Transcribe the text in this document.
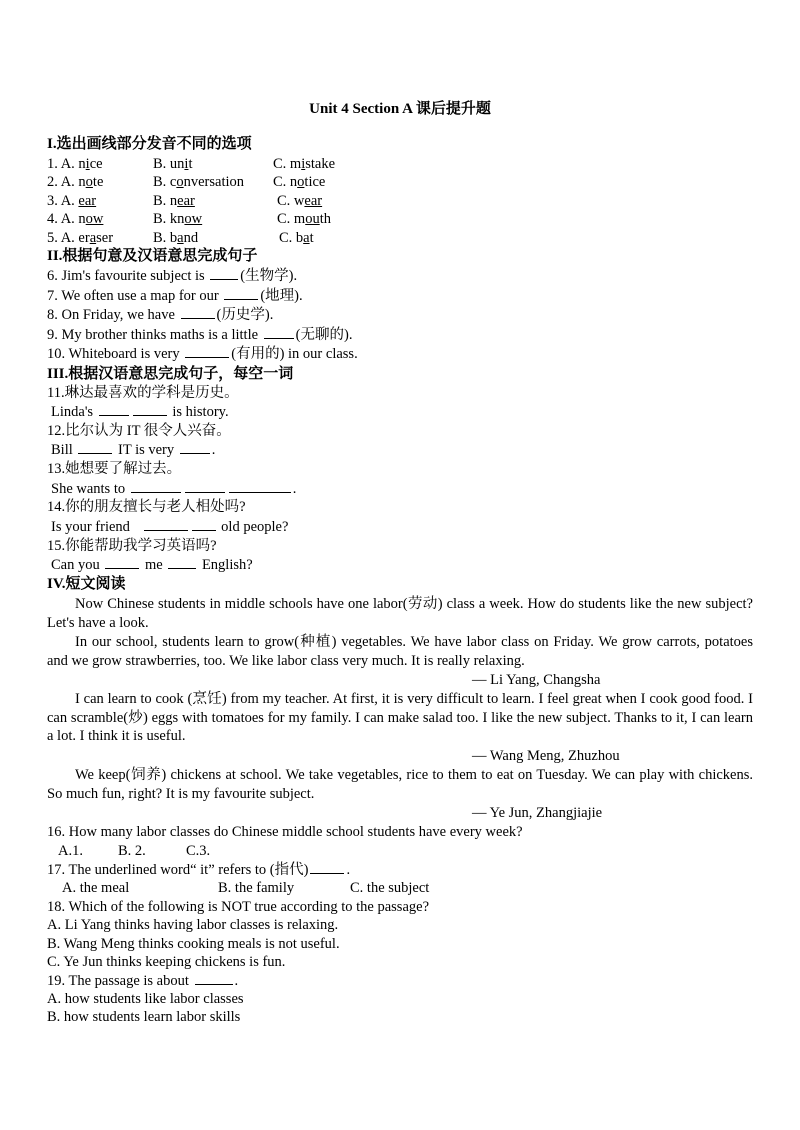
Unit 4 Section A 课后提升题
I.选出画线部分发音不同的选项
1. A. nice	B. unit	C. mistake
2. A. note	B. conversation C. notice
3. A. ear	B. near	C. wear
4. A. now	B. know	C. mouth
5. A. eraser	B. band	C. bat
II.根据句意及汉语意思完成句子
6. Jim's favourite subject is (生物学).
7. We often use a map for our	(地理).
8. On Friday, we have	(历史学).
9. My brother thinks maths is a little (无聊的).
10. Whiteboard is very	(有用的) in our class.
III.根据汉语意思完成句子，每空一词
11.琳达最喜欢的学科是历史。
Linda's	is history.
12.比尔认为 IT 很令人兴奋。
Bill	IT is very .
13.她想要了解过去。
She wants to	.
14.你的朋友擅长与老人相处吗?
Is your friend	old people?
15.你能帮助我学习英语吗?
Can you	me  English?
IV.短文阅读
Now Chinese students in middle schools have one labor(劳动) class a week. How do students like the new subject? Let's have a look.
In our school, students learn to grow(种植) vegetables. We have labor class on Friday. We grow carrots, potatoes and we grow strawberries, too. We like labor class very much. It is really relaxing.
— Li Yang, Changsha
I can learn to cook (烹饪) from my teacher. At first, it is very difficult to learn. I feel great when I cook good food. I can scramble(炒) eggs with tomatoes for my family. I can make salad too. I like the new subject. Thanks to it, I can learn a lot. I think it is useful.
— Wang Meng, Zhuzhou
We keep(饲养) chickens at school. We take vegetables, rice to them to eat on Tuesday. We can play with chickens. So much fun, right? It is my favourite subject.
— Ye Jun, Zhangjiajie
16. How many labor classes do Chinese middle school students have every week?
A.1. B. 2.	C.3.
17. The underlined word“ it” refers to (指代)	.
A. the meal	B. the family	C. the subject
18. Which of the following is NOT true according to the passage?
A. Li Yang thinks having labor classes is relaxing.
B. Wang Meng thinks cooking meals is not useful.
C. Ye Jun thinks keeping chickens is fun.
19. The passage is about	.
A. how students like labor classes
B. how students learn labor skills
